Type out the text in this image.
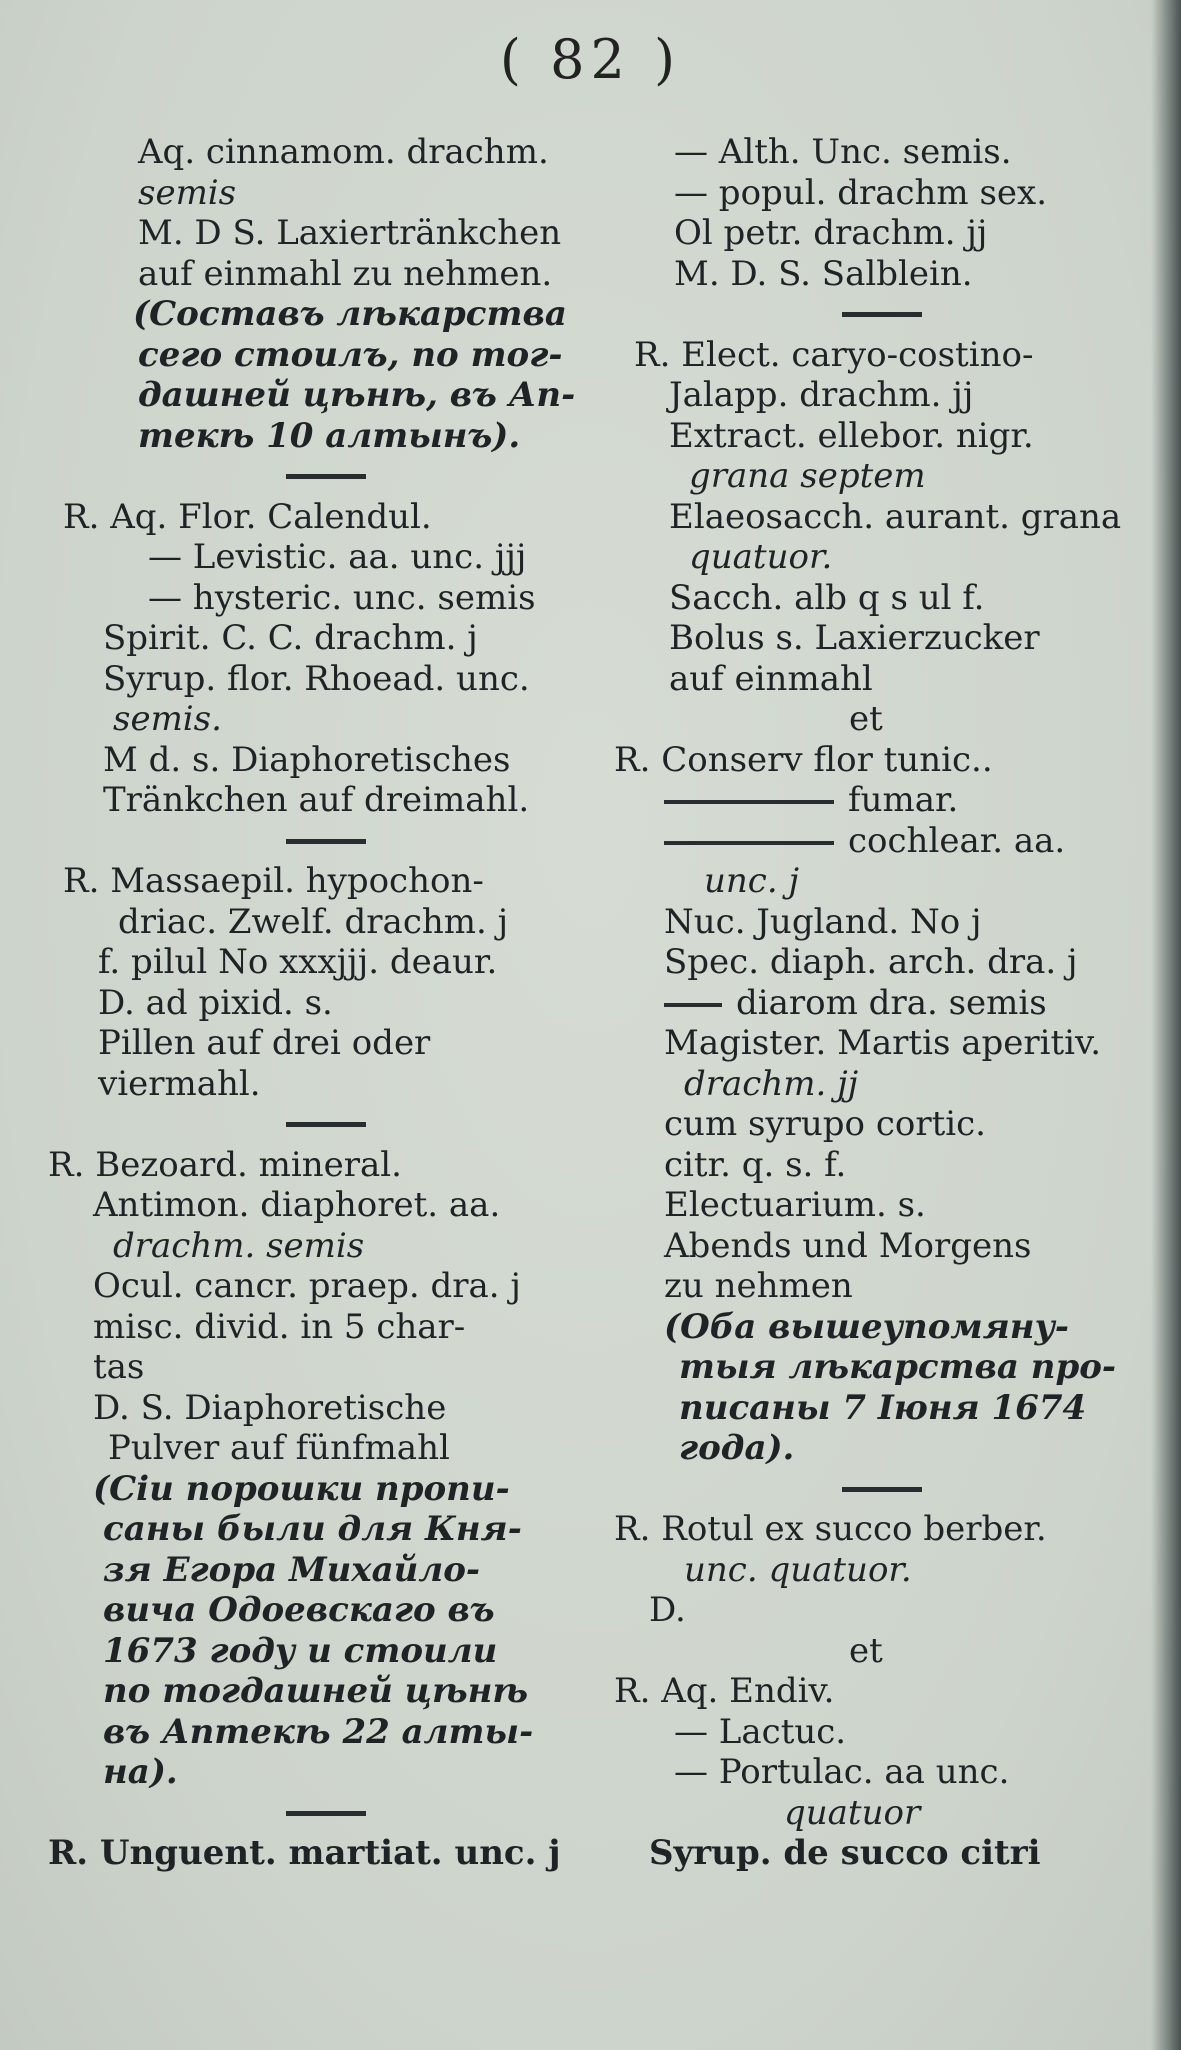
( 82 )
Aq. cinnamom. drachm.
semis
M. D S. Laxiertränkchen
auf einmahl zu nehmen.
(Составъ лѣкарства
сего стоилъ, по тог-
дашней цѣнѣ, въ Ап-
текѣ 10 алтынъ).
R. Aq. Flor. Calendul.
— Levistic. aa. unc. jjj
— hysteric. unc. semis
Spirit. C. C. drachm. j
Syrup. flor. Rhoead. unc.
semis.
M d. s. Diaphoretisches
Tränkchen auf dreimahl.
R. Massaepil. hypochon-
driac. Zwelf. drachm. j
f. pilul No xxxjjj. deaur.
D. ad pixid. s.
Pillen auf drei oder
viermahl.
R. Bezoard. mineral.
Antimon. diaphoret. aa.
drachm. semis
Ocul. cancr. praep. dra. j
misc. divid. in 5 char-
tas
D. S. Diaphoretische
Pulver auf fünfmahl
(Сіи порошки пропи-
саны были для Кня-
зя Егора Михайло-
вича Одоевскаго въ
1673 году и стоили
по тогдашней цѣнѣ
въ Аптекѣ 22 алты-
на).
R. Unguent. martiat. unc. j
— Alth. Unc. semis.
— popul. drachm sex.
Ol petr. drachm. jj
M. D. S. Salblein.
R. Elect. caryo-costino-
Jalapp. drachm. jj
Extract. ellebor. nigr.
grana septem
Elaeosacch. aurant. grana
quatuor.
Sacch. alb q s ul f.
Bolus s. Laxierzucker
auf einmahl
et
R. Conserv flor tunic..
fumar.
cochlear. aa.
unc. j
Nuc. Jugland. No j
Spec. diaph. arch. dra. j
diarom dra. semis
Magister. Martis aperitiv.
drachm. jj
cum syrupo cortic.
citr. q. s. f.
Electuarium. s.
Abends und Morgens
zu nehmen
(Оба вышеупомяну-
тыя лѣкарства про-
писаны 7 Іюня 1674
года).
R. Rotul ex succo berber.
unc. quatuor.
D.
et
R. Aq. Endiv.
— Lactuc.
— Portulac. aa unc.
quatuor
Syrup. de succo citri
